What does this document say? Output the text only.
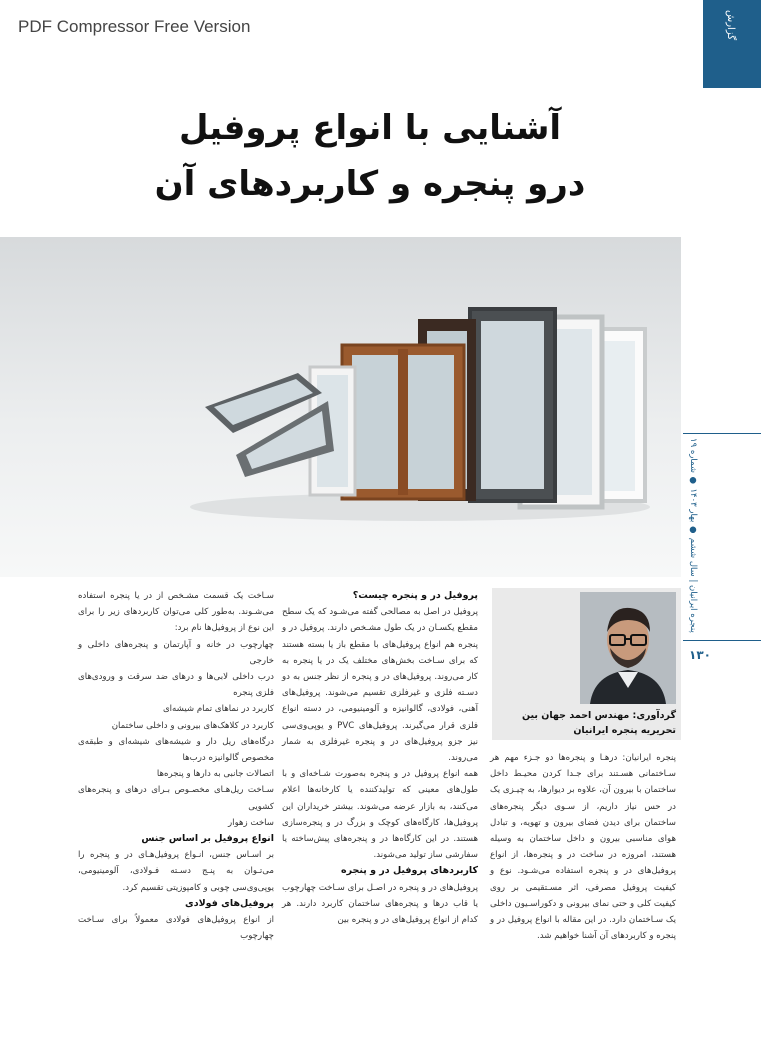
PDF Compressor Free Version	گزارش
پنجره ایرانیان | سال ششم ● بهار ۱۴۰۳ ● شماره ۱۹
۱۳۰
آشنایی با انواع پروفیل
درو پنجره و کاربردهای آن
گردآوری: مهندس احمد جهان بین
تحریریه پنجره ایرانیان

پنجره ایرانیان: درهـا و پنجره‌ها دو جـزء مهم هر سـاختمانی هسـتند برای جـدا کردن محیـط داخل ساختمان با بیرون آن، علاوه بر دیوارها، به چیـزی یک در حس نیاز داریم، از سـوی دیگر پنجره‌های ساختمان برای دیدن فضای بیرون و تهویه، و تبادل هوای مناسبی بیرون و داخل ساختمان به وسیله هستند، امروزه در ساخت در و پنجره‌ها، از انواع پروفیل‌های در و پنجره استفاده می‌شـود. نوع و کیفیت پروفیل مصرفی، اثر مسـتقیمی بر روی کیفیت کلی و حتی نمای بیرونی و دکوراسـیون داخلی یک سـاختمان دارد. در این مقاله با انواع پروفیل در و پنجره و کاربردهای آن آشنا خواهیم شد.

پروفیل در و پنجره چیست؟

پروفیل در اصل به مصالحی گفته می‌شـود که یک سطح مقطع یکسـان در یک طول مشـخص دارند. پروفیل در و پنجره هم انواع پروفیل‌های با مقطع باز یا بسته هستند که برای سـاخت بخش‌های مختلف یک در یا پنجره به کار می‌روند. پروفیل‌های در و پنجره از نظر جنس به دو دسـته فلزی و غیرفلزی تقسیم می‌شوند. پروفیل‌های آهنی، فولادی، گالوانیزه و آلومینیومی، در دسته انواع فلزی قرار می‌گیرند. پروفیل‌های PVC و یوپی‌وی‌سی نیز جزو پروفیل‌های در و پنجره غیرفلزی به شمار می‌روند.

همه انواع پروفیل در و پنجره به‌صورت شـاخه‌ای و با طول‌های معینی که تولیدکننده یا کارخانه‌ها اعلام می‌کنند، به بازار عرضه می‌شوند. بیشتر خریداران این پروفیل‌ها، کارگاه‌های کوچک و بزرگ در و پنجره‌سازی هستند. در این کارگاه‌ها در و پنجره‌های پیش‌ساخته یا سفارشی ساز تولید می‌شوند.

کاربردهای پروفیل در و پنجره

پروفیل‌های در و پنجره در اصـل برای سـاخت چهارچوب یا قاب درها و پنجره‌های ساختمان کاربرد دارند. هر کدام از انواع پروفیل‌های در و پنجره بین

سـاخت یک قسمت مشـخص از در یا پنجره استفاده می‌شـوند. به‌طور کلی می‌توان کاربردهای زیر را برای این نوع از پروفیل‌ها نام برد:

چهارچوب در خانه و آپارتمان و پنجره‌های داخلی و خارجی

درب داخلی لابی‌ها و درهای ضد سرقت و ورودی‌های فلزی پنجره

کاربرد در نماهای تمام شیشه‌ای

کاربرد در کلاهک‌های بیرونی و داخلی ساختمان

درگاه‌های ریل دار و شیشه‌های شیشه‌ای و طبقه‌ی مخصوص گالوانیزه درب‌ها

اتصالات جانبی به دارها و پنجره‌ها

سـاخت ریل‌هـای مخصـوص بـرای درهای و پنجره‌های کشویی

ساخت زهوار

انواع پروفیل بر اساس جنس

بر اسـاس جنس، انـواع پروفیل‌هـای در و پنجره را می‌تـوان به پنـج دسـته فـولادی، آلومینیومی، یوپی‌وی‌سی چوبی و کامپوزیتی تقسیم کرد.

پروفیل‌های فولادی

از انواع پروفیل‌های فولادی معمولاً برای سـاخت چهارچوب
